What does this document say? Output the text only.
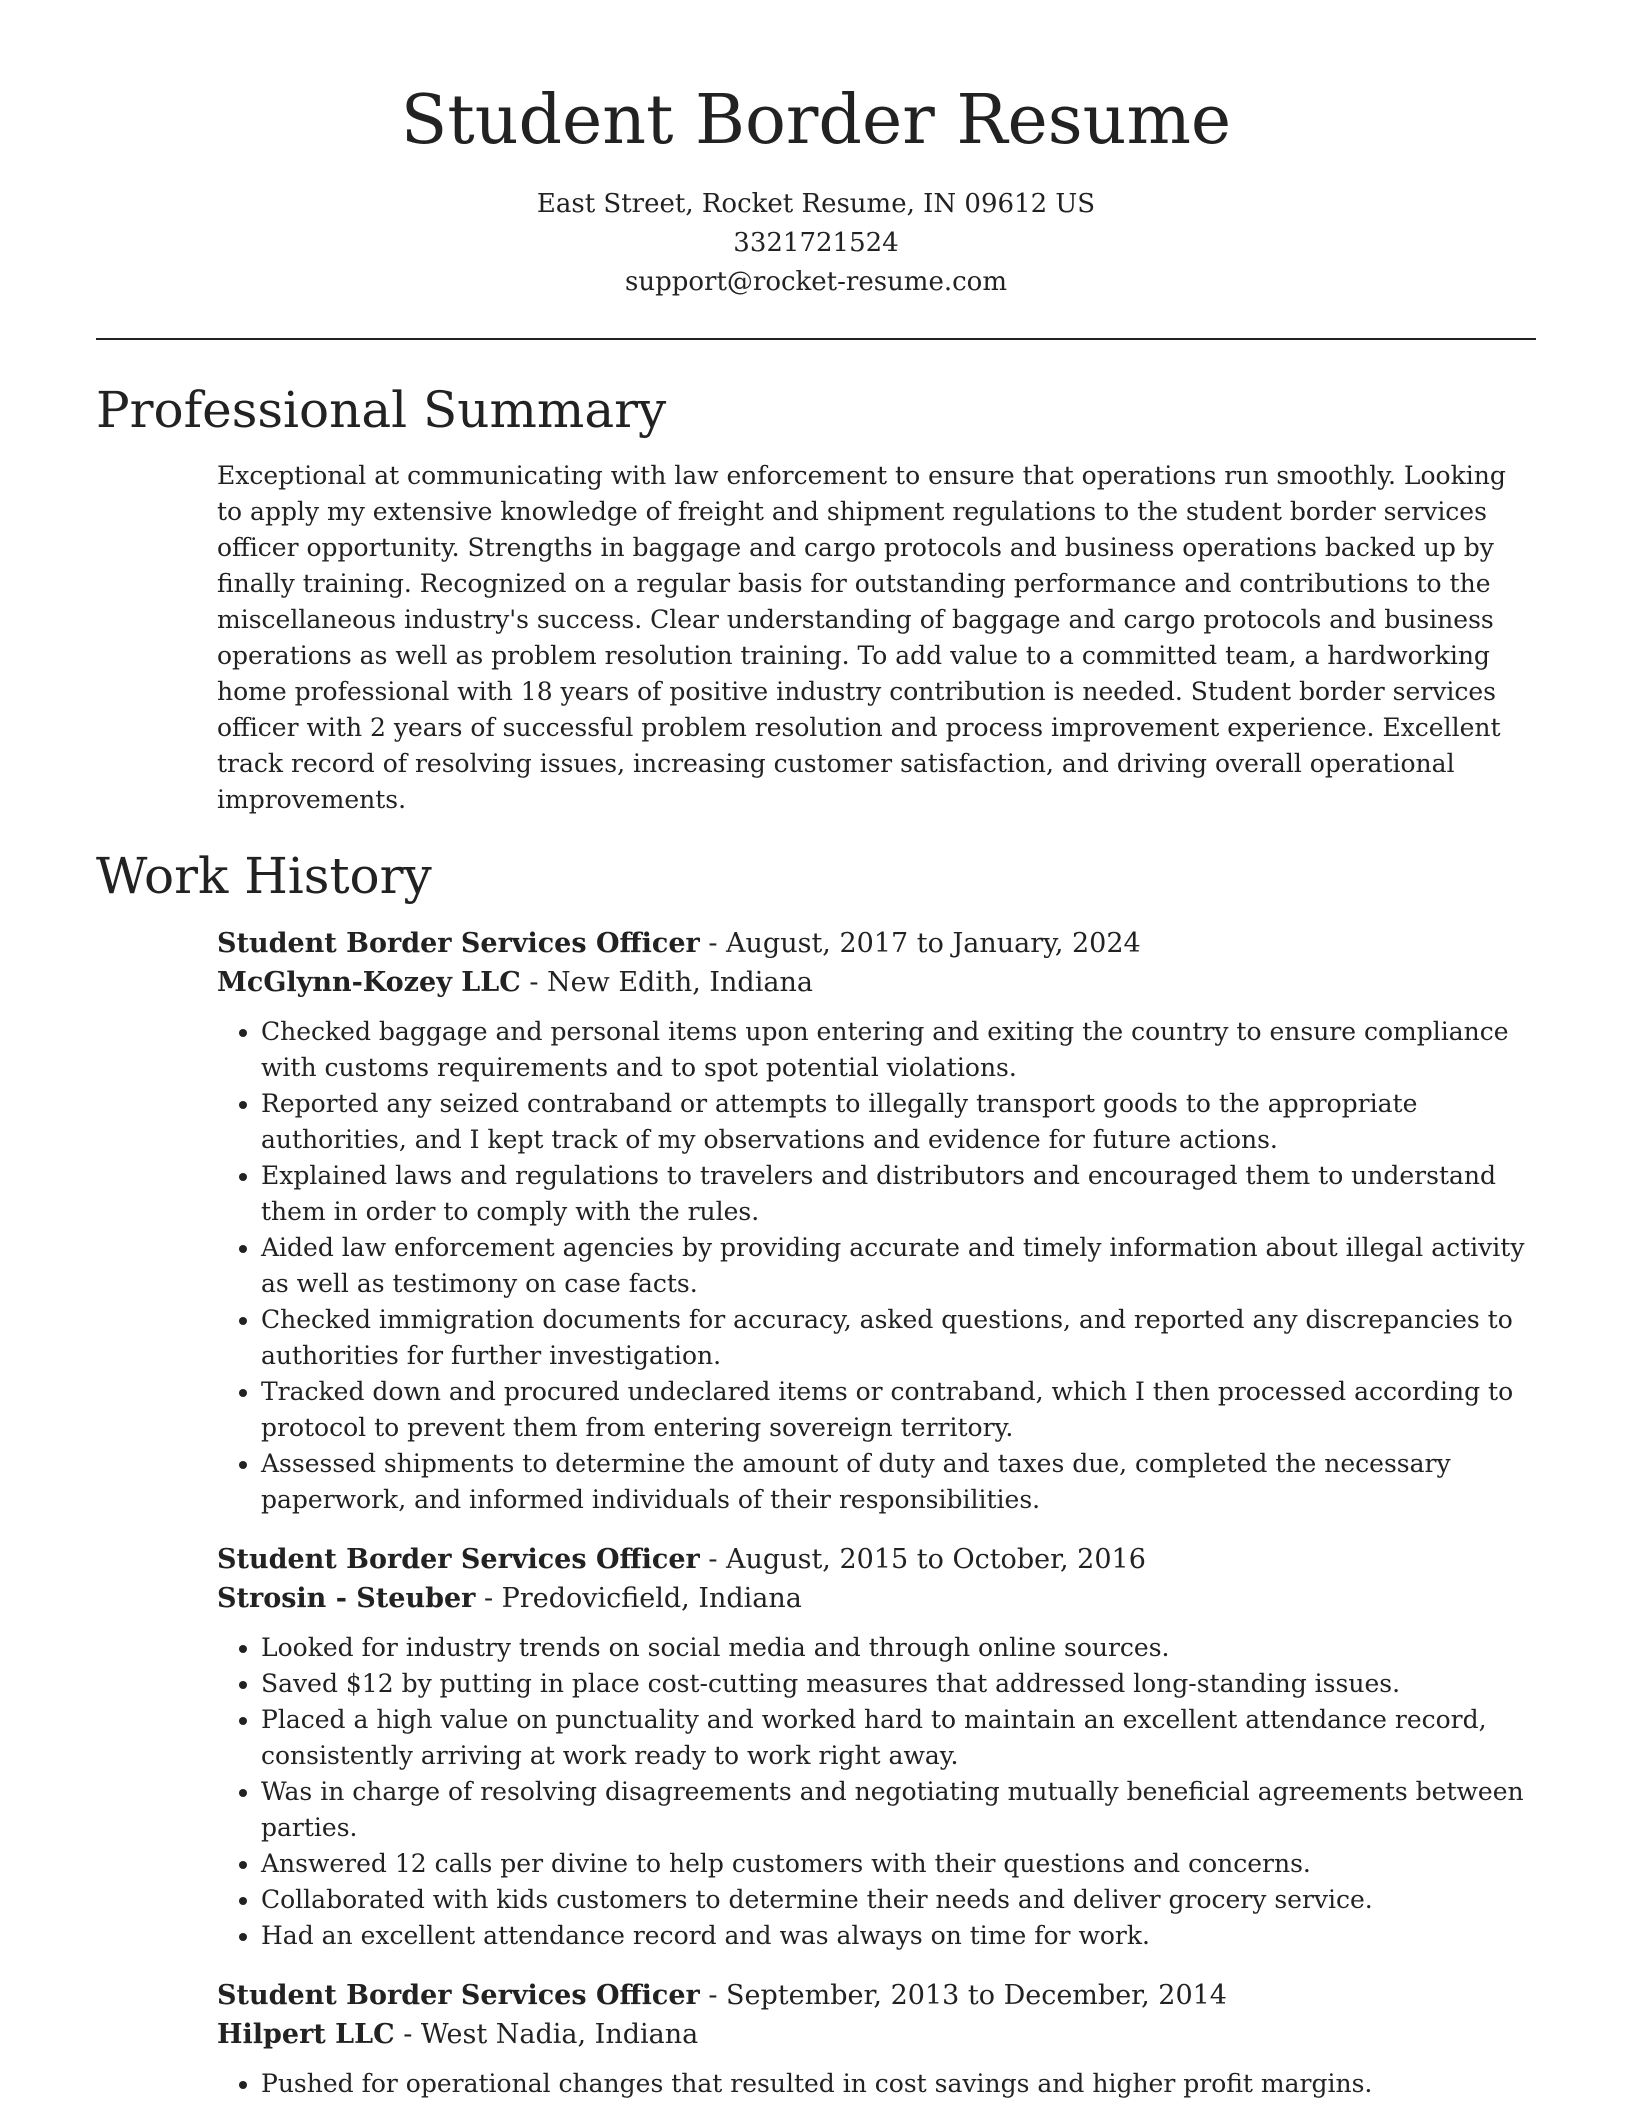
Student Border Resume
East Street, Rocket Resume, IN 09612 US
3321721524
support@rocket-resume.com
Professional Summary

Exceptional at communicating with law enforcement to ensure that operations run smoothly. Looking to apply my extensive knowledge of freight and shipment regulations to the student border services officer opportunity. Strengths in baggage and cargo protocols and business operations backed up by finally training. Recognized on a regular basis for outstanding performance and contributions to the miscellaneous industry's success. Clear understanding of baggage and cargo protocols and business operations as well as problem resolution training. To add value to a committed team, a hardworking home professional with 18 years of positive industry contribution is needed. Student border services officer with 2 years of successful problem resolution and process improvement experience. Excellent track record of resolving issues, increasing customer satisfaction, and driving overall operational improvements.

Work History
Student Border Services Officer - August, 2017 to January, 2024
McGlynn-Kozey LLC - New Edith, Indiana
• Checked baggage and personal items upon entering and exiting the country to ensure compliance with customs requirements and to spot potential violations.
• Reported any seized contraband or attempts to illegally transport goods to the appropriate authorities, and I kept track of my observations and evidence for future actions.
• Explained laws and regulations to travelers and distributors and encouraged them to understand them in order to comply with the rules.
• Aided law enforcement agencies by providing accurate and timely information about illegal activity as well as testimony on case facts.
• Checked immigration documents for accuracy, asked questions, and reported any discrepancies to authorities for further investigation.
• Tracked down and procured undeclared items or contraband, which I then processed according to protocol to prevent them from entering sovereign territory.
• Assessed shipments to determine the amount of duty and taxes due, completed the necessary paperwork, and informed individuals of their responsibilities.
Student Border Services Officer - August, 2015 to October, 2016
Strosin - Steuber - Predovicfield, Indiana
• Looked for industry trends on social media and through online sources.
• Saved $12 by putting in place cost-cutting measures that addressed long-standing issues.
• Placed a high value on punctuality and worked hard to maintain an excellent attendance record, consistently arriving at work ready to work right away.
• Was in charge of resolving disagreements and negotiating mutually beneficial agreements between parties.
• Answered 12 calls per divine to help customers with their questions and concerns.
• Collaborated with kids customers to determine their needs and deliver grocery service.
• Had an excellent attendance record and was always on time for work.
Student Border Services Officer - September, 2013 to December, 2014
Hilpert LLC - West Nadia, Indiana
• Pushed for operational changes that resulted in cost savings and higher profit margins.
